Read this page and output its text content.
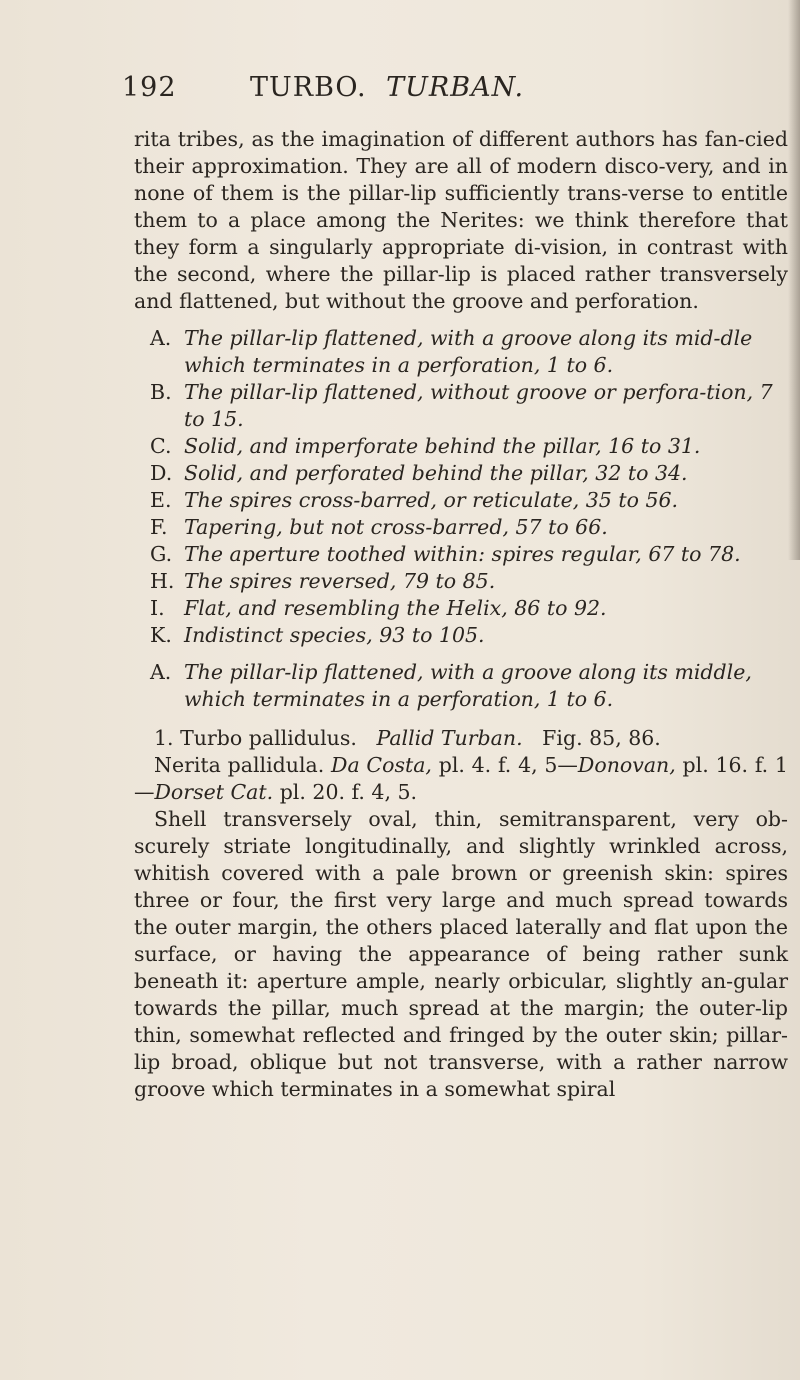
192	TURBO. TURBAN.

rita tribes, as the imagination of different authors has fan-cied their approximation. They are all of modern disco-very, and in none of them is the pillar-lip sufficiently trans-verse to entitle them to a place among the Nerites: we think therefore that they form a singularly appropriate di-vision, in contrast with the second, where the pillar-lip is placed rather transversely and flattened, but without the groove and perforation.

A. The pillar-lip flattened, with a groove along its mid-dle which terminates in a perforation, 1 to 6.
B. The pillar-lip flattened, without groove or perfora-tion, 7 to 15.
C. Solid, and imperforate behind the pillar, 16 to 31.
D. Solid, and perforated behind the pillar, 32 to 34.
E. The spires cross-barred, or reticulate, 35 to 56.
F. Tapering, but not cross-barred, 57 to 66.
G. The aperture toothed within: spires regular, 67 to 78.
H. The spires reversed, 79 to 85.
I. Flat, and resembling the Helix, 86 to 92.
K. Indistinct species, 93 to 105.
A. The pillar-lip flattened, with a groove along its middle, which terminates in a perforation, 1 to 6.

1. Turbo pallidulus. Pallid Turban. Fig. 85, 86.

Nerita pallidula. Da Costa, pl. 4. f. 4, 5—Donovan, pl. 16. f. 1—Dorset Cat. pl. 20. f. 4, 5.

Shell transversely oval, thin, semitransparent, very ob-scurely striate longitudinally, and slightly wrinkled across, whitish covered with a pale brown or greenish skin: spires three or four, the first very large and much spread towards the outer margin, the others placed laterally and flat upon the surface, or having the appearance of being rather sunk beneath it: aperture ample, nearly orbicular, slightly an-gular towards the pillar, much spread at the margin; the outer-lip thin, somewhat reflected and fringed by the outer skin; pillar-lip broad, oblique but not transverse, with a rather narrow groove which terminates in a somewhat spiral
